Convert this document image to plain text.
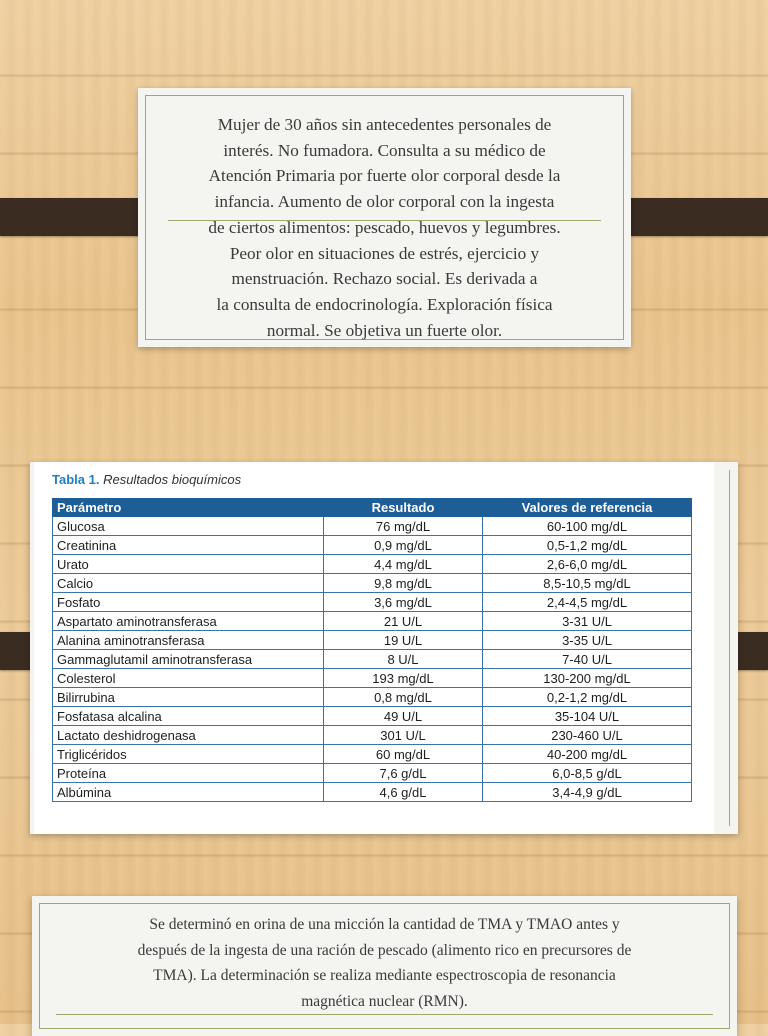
Mujer de 30 años sin antecedentes personales de
interés. No fumadora. Consulta a su médico de
Atención Primaria por fuerte olor corporal desde la
infancia. Aumento de olor corporal con la ingesta
de ciertos alimentos: pescado, huevos y legumbres.
Peor olor en situaciones de estrés, ejercicio y
menstruación. Rechazo social. Es derivada a
la consulta de endocrinología. Exploración física
normal. Se objetiva un fuerte olor.
Tabla 1. Resultados bioquímicos
Parámetro	Resultado	Valores de referencia
Glucosa	76 mg/dL	60-100 mg/dL
Creatinina	0,9 mg/dL	0,5-1,2 mg/dL
Urato	4,4 mg/dL	2,6-6,0 mg/dL
Calcio	9,8 mg/dL	8,5-10,5 mg/dL
Fosfato	3,6 mg/dL	2,4-4,5 mg/dL
Aspartato aminotransferasa	21 U/L	3-31 U/L
Alanina aminotransferasa	19 U/L	3-35 U/L
Gammaglutamil aminotransferasa	8 U/L	7-40 U/L
Colesterol	193 mg/dL	130-200 mg/dL
Bilirrubina	0,8 mg/dL	0,2-1,2 mg/dL
Fosfatasa alcalina	49 U/L	35-104 U/L
Lactato deshidrogenasa	301 U/L	230-460 U/L
Triglicéridos	60 mg/dL	40-200 mg/dL
Proteína	7,6 g/dL	6,0-8,5 g/dL
Albúmina	4,6 g/dL	3,4-4,9 g/dL
Se determinó en orina de una micción la cantidad de TMA y TMAO antes y
después de la ingesta de una ración de pescado (alimento rico en precursores de
TMA). La determinación se realiza mediante espectroscopia de resonancia
magnética nuclear (RMN).
